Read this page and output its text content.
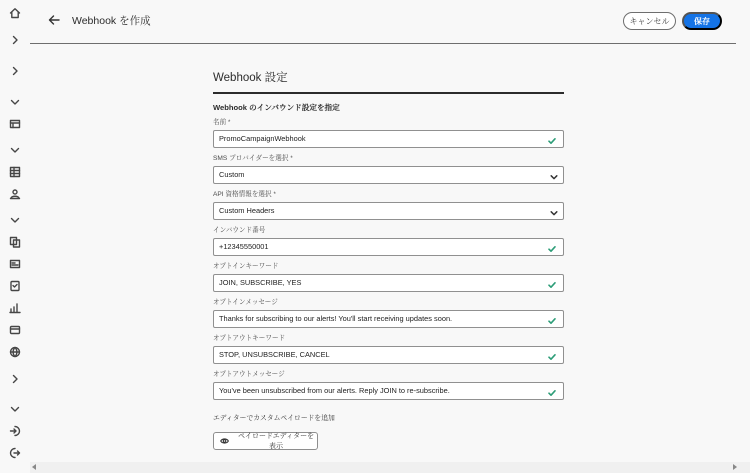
Webhook を作成	キャンセル	保存
Webhook 設定
Webhook のインバウンド設定を指定
名前 *
PromoCampaignWebhook
SMS プロバイダーを選択 *
Custom
API 資格情報を選択 *
Custom Headers
インバウンド番号
+12345550001
オプトインキーワード
JOIN, SUBSCRIBE, YES
オプトインメッセージ
Thanks for subscribing to our alerts! You'll start receiving updates soon.
オプトアウトキーワード
STOP, UNSUBSCRIBE, CANCEL
オプトアウトメッセージ
You've been unsubscribed from our alerts. Reply JOIN to re-subscribe.
エディターでカスタムペイロードを追加
ペイロードエディターを表示
